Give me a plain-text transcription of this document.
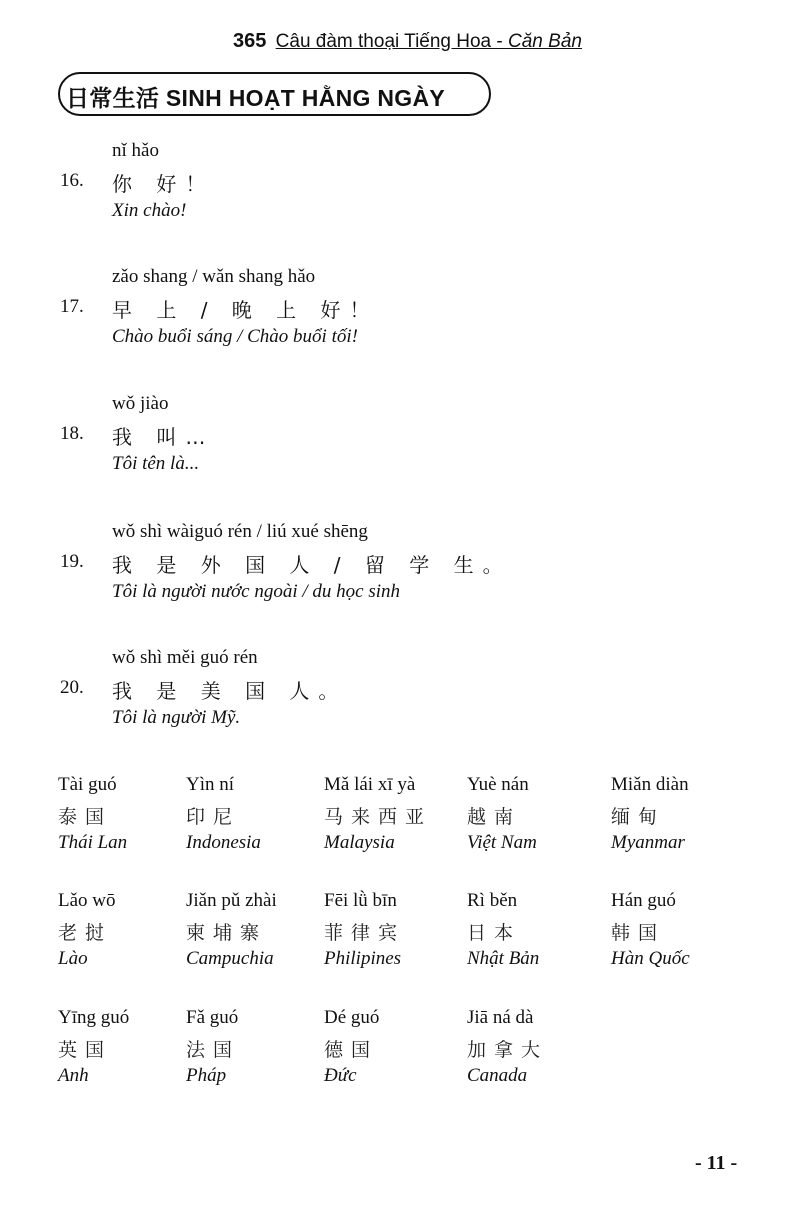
365 Câu đàm thoại Tiếng Hoa - Căn Bản
日常生活 SINH HOẠT HẰNG NGÀY
nǐ hǎo
16. 你 好！
Xin chào!
zǎo shang / wǎn shang hǎo
17. 早 上 / 晚 上 好！
Chào buổi sáng / Chào buổi tối!
wǒ jiào
18. 我 叫…
Tôi tên là...
wǒ shì wàiguó rén / liú xué shēng
19. 我 是 外 国 人 / 留 学 生。
Tôi là người nước ngoài / du học sinh
wǒ shì měi guó rén
20. 我 是 美 国 人。
Tôi là người Mỹ.
Tài guó
泰国
Thái Lan
Yìn ní
印尼
Indonesia
Mǎ lái xī yà
马来西亚
Malaysia
Yuè nán
越南
Việt Nam
Miǎn diàn
缅甸
Myanmar
Lǎo wō
老挝
Lào
Jiǎn pǔ zhài
柬埔寨
Campuchia
Fēi lǜ bīn
菲律宾
Philipines
Rì běn
日本
Nhật Bản
Hán guó
韩国
Hàn Quốc
Yīng guó
英国
Anh
Fǎ guó
法国
Pháp
Dé guó
德国
Đức
Jiā ná dà
加拿大
Canada
- 11 -
